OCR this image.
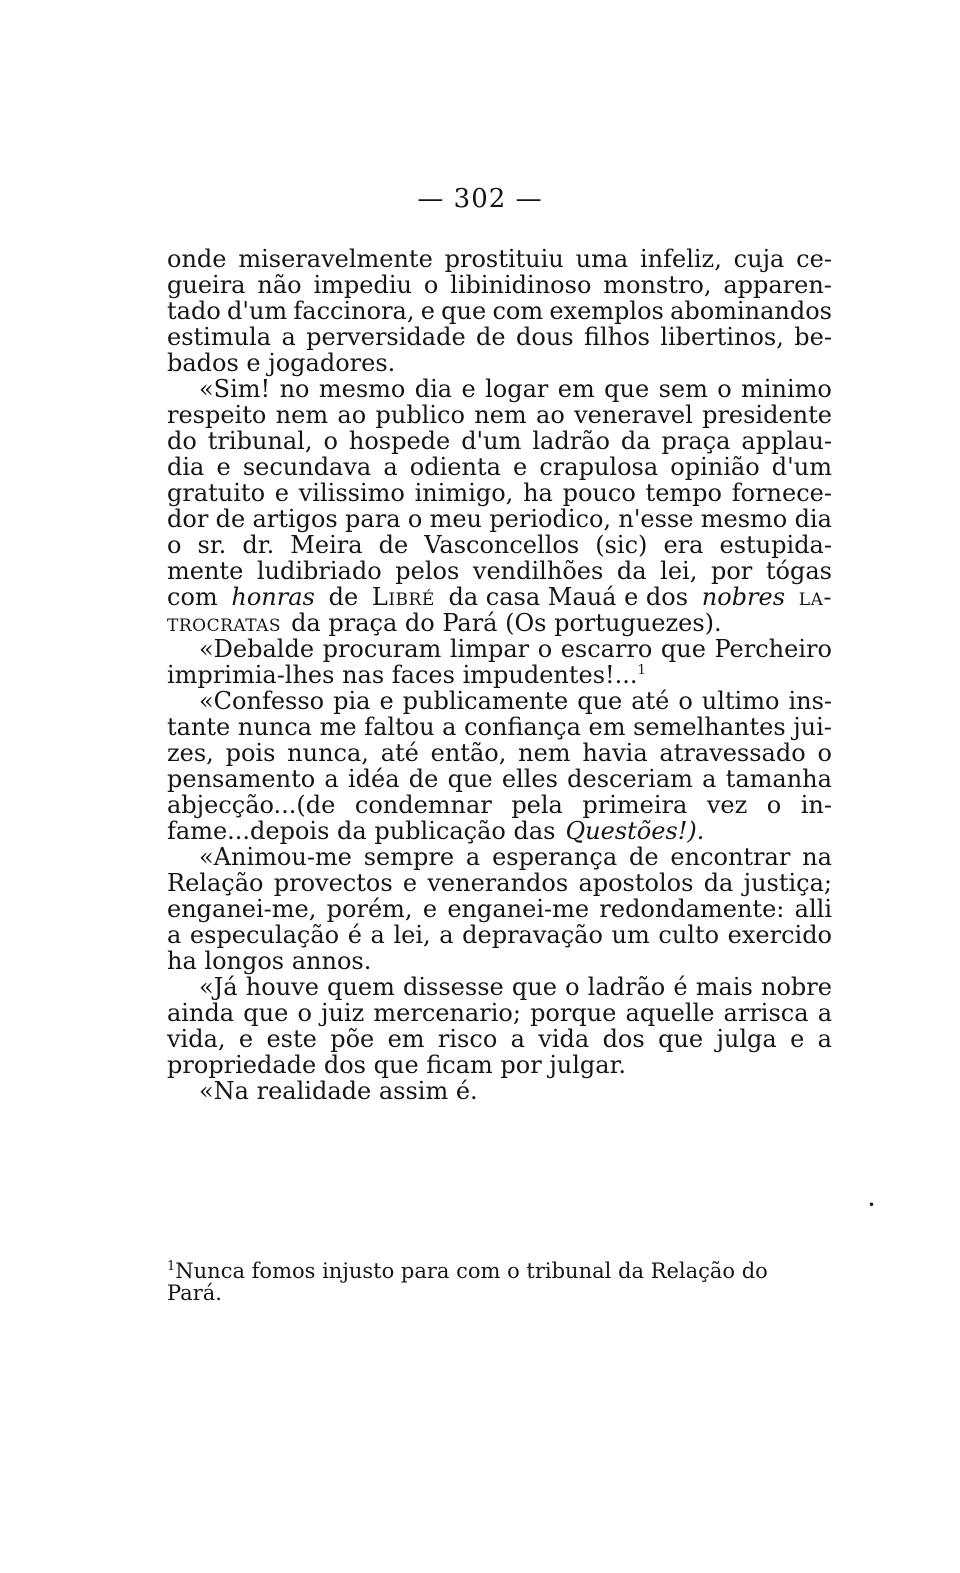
— 302 —
onde miseravelmente prostituiu uma infeliz, cuja ce-
gueira não impediu o libinidinoso monstro, apparen-
tado d'um faccinora, e que com exemplos abominandos
estimula a perversidade de dous filhos libertinos, be-
bados e jogadores.
«Sim! no mesmo dia e logar em que sem o minimo
respeito nem ao publico nem ao veneravel presidente
do tribunal, o hospede d'um ladrão da praça applau-
dia e secundava a odienta e crapulosa opinião d'um
gratuito e vilissimo inimigo, ha pouco tempo fornece-
dor de artigos para o meu periodico, n'esse mesmo dia
o sr. dr. Meira de Vasconcellos (sic) era estupida-
mente ludibriado pelos vendilhões da lei, por tógas
com honras de Libré da casa Mauá e dos nobres la-
trocratas da praça do Pará (Os portuguezes).
«Debalde procuram limpar o escarro que Percheiro
imprimia-lhes nas faces impudentes!...$^1$
«Confesso pia e publicamente que até o ultimo ins-
tante nunca me faltou a confiança em semelhantes jui-
zes, pois nunca, até então, nem havia atravessado o
pensamento a idéa de que elles desceriam a tamanha
abjecção...(de condemnar pela primeira vez o in-
fame...depois da publicação das Questões!).
«Animou-me sempre a esperança de encontrar na
Relação provectos e venerandos apostolos da justiça;
enganei-me, porém, e enganei-me redondamente: alli
a especulação é a lei, a depravação um culto exercido
ha longos annos.
«Já houve quem dissesse que o ladrão é mais nobre
ainda que o juiz mercenario; porque aquelle arrisca a
vida, e este põe em risco a vida dos que julga e a
propriedade dos que ficam por julgar.
«Na realidade assim é.
•
$^1$Nunca fomos injusto para com o tribunal da Relação do
Pará.
